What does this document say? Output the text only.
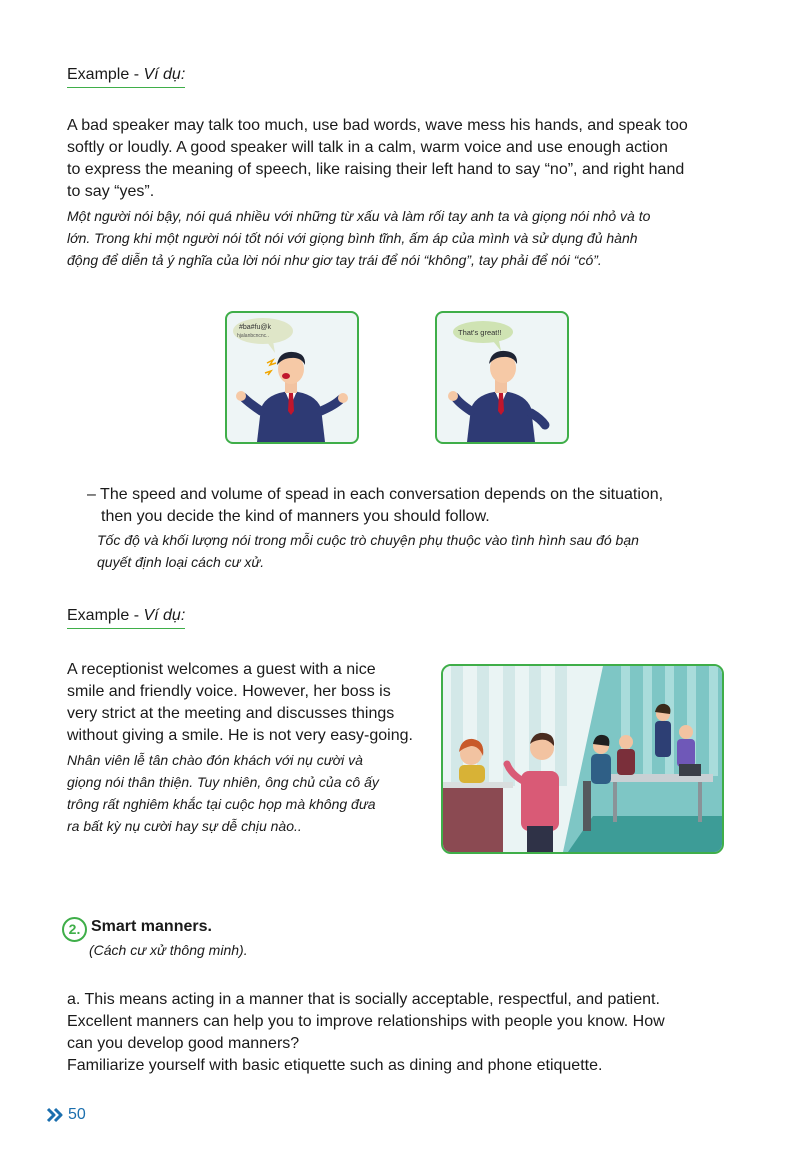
Example - Ví dụ:
A bad speaker may talk too much, use bad words, wave mess his hands, and speak too
softly or loudly. A good speaker will talk in a calm, warm voice and use enough action
to express the meaning of speech, like raising their left hand to say “no”, and right hand
to say “yes”.
Một người nói bậy, nói quá nhiều với những từ xấu và làm rối tay anh ta và giọng nói nhỏ và to
lớn. Trong khi một người nói tốt nói với giọng bình tĩnh, ấm áp của mình và sử dụng đủ hành
động để diễn tả ý nghĩa của lời nói như giơ tay trái để nói “không”, tay phải để nói “có”.
#ba#fu@k
hjalanbcncnc..	That's great!!
– The speed and volume of spead in each conversation depends on the situation,
then you decide the kind of manners you should follow.
Tốc độ và khối lượng nói trong mỗi cuộc trò chuyện phụ thuộc vào tình hình sau đó bạn
quyết định loại cách cư xử.
Example - Ví dụ:
A receptionist welcomes a guest with a nice
smile and friendly voice. However, her boss is
very strict at the meeting and discusses things
without giving a smile. He is not very easy-going.
Nhân viên lễ tân chào đón khách với nụ cười và
giọng nói thân thiện. Tuy nhiên, ông chủ của cô ấy
trông rất nghiêm khắc tại cuộc họp mà không đưa
ra bất kỳ nụ cười hay sự dễ chịu nào..
2. Smart manners.
(Cách cư xử thông minh).
a. This means acting in a manner that is socially acceptable, respectful, and patient.
Excellent manners can help you to improve relationships with people you know. How
can you develop good manners?
Familiarize yourself with basic etiquette such as dining and phone etiquette.
50
